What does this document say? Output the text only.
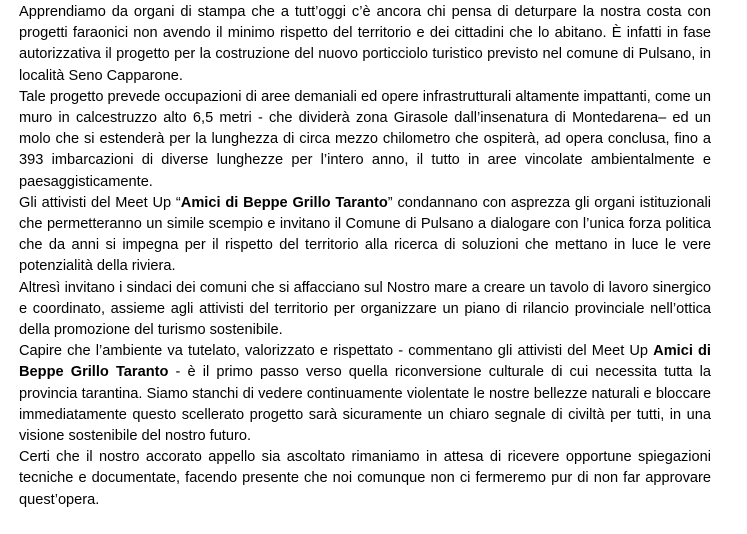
Apprendiamo da organi di stampa che a tutt’oggi c’è ancora chi pensa di deturpare la nostra costa con progetti faraonici non avendo il minimo rispetto del territorio e dei cittadini che lo abitano. È infatti in fase autorizzativa il progetto per la costruzione del nuovo porticciolo turistico previsto nel comune di Pulsano, in località Seno Capparone.

Tale progetto prevede occupazioni di aree demaniali ed opere infrastrutturali altamente impattanti, come un muro in calcestruzzo alto 6,5 metri - che dividerà zona Girasole dall’insenatura di Montedarena– ed un molo che si estenderà per la lunghezza di circa mezzo chilometro che ospiterà, ad opera conclusa, fino a 393 imbarcazioni di diverse lunghezze per l’intero anno, il tutto in aree vincolate ambientalmente e paesaggisticamente.

Gli attivisti del Meet Up “Amici di Beppe Grillo Taranto” condannano con asprezza gli organi istituzionali che permetteranno un simile scempio e invitano il Comune di Pulsano a dialogare con l’unica forza politica che da anni si impegna per il rispetto del territorio alla ricerca di soluzioni che mettano in luce le vere potenzialità della riviera.

Altresì invitano i sindaci dei comuni che si affacciano sul Nostro mare a creare un tavolo di lavoro sinergico e coordinato, assieme agli attivisti del territorio per organizzare un piano di rilancio provinciale nell’ottica della promozione del turismo sostenibile.

Capire che l’ambiente va tutelato, valorizzato e rispettato - commentano gli attivisti del Meet Up Amici di Beppe Grillo Taranto - è il primo passo verso quella riconversione culturale di cui necessita tutta la provincia tarantina. Siamo stanchi di vedere continuamente violentate le nostre bellezze naturali e bloccare immediatamente questo scellerato progetto sarà sicuramente un chiaro segnale di civiltà per tutti, in una visione sostenibile del nostro futuro.

Certi che il nostro accorato appello sia ascoltato rimaniamo in attesa di ricevere opportune spiegazioni tecniche e documentate, facendo presente che noi comunque non ci fermeremo pur di non far approvare quest’opera.
